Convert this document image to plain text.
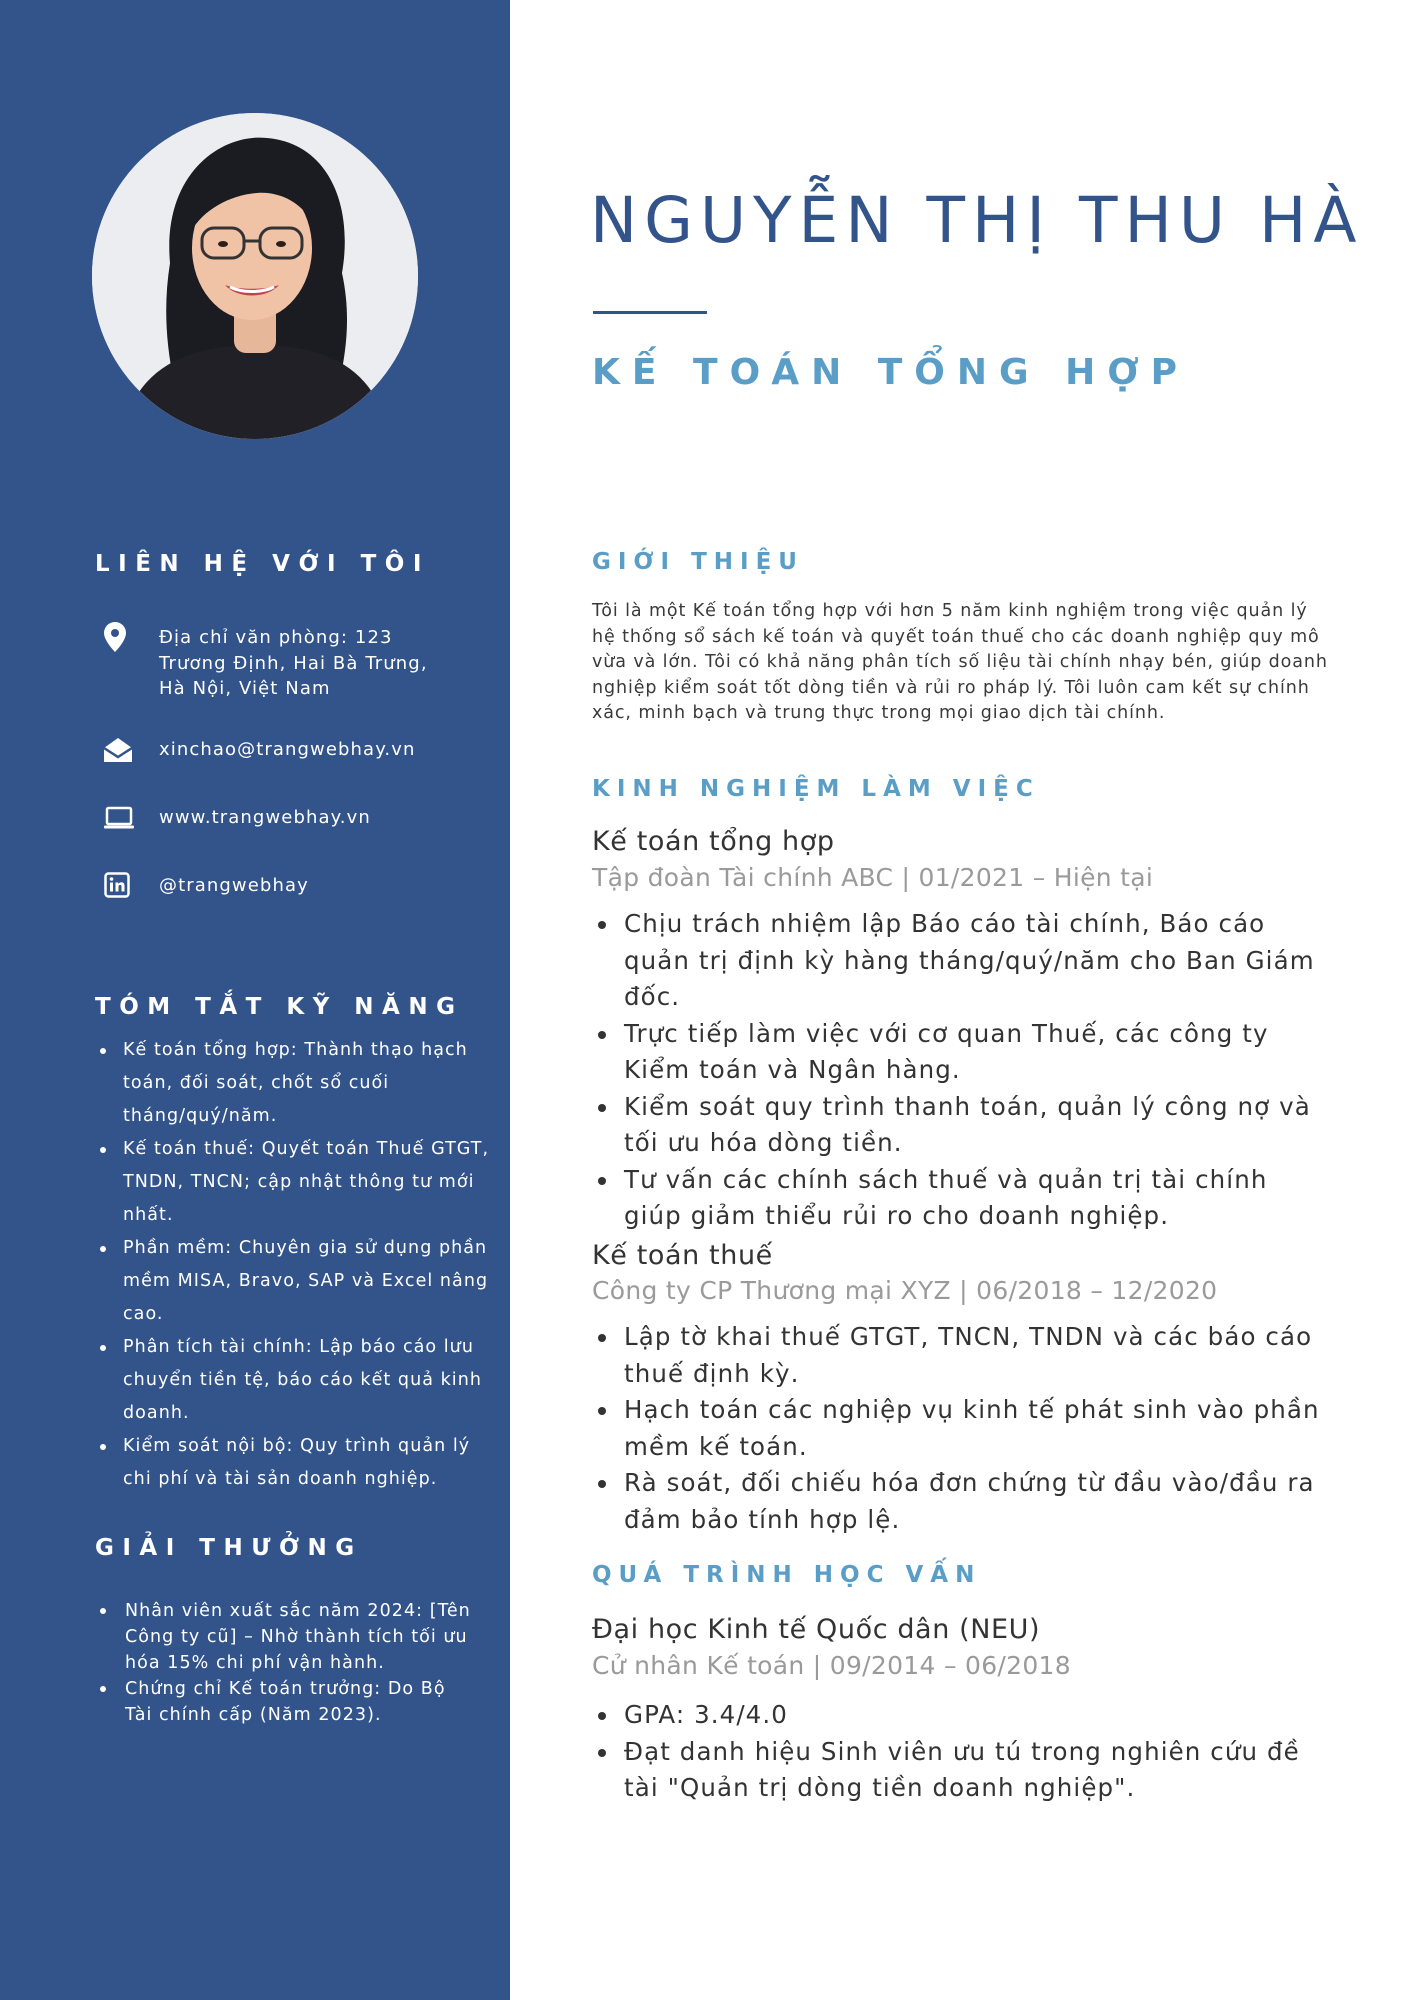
LIÊN HỆ VỚI TÔI
Địa chỉ văn phòng: 123
Trương Định, Hai Bà Trưng,
Hà Nội, Việt Nam
xinchao@trangwebhay.vn
www.trangwebhay.vn
@trangwebhay
TÓM TẮT KỸ NĂNG
Kế toán tổng hợp: Thành thạo hạch toán, đối soát, chốt sổ cuối tháng/quý/năm.
Kế toán thuế: Quyết toán Thuế GTGT, TNDN, TNCN; cập nhật thông tư mới nhất.
Phần mềm: Chuyên gia sử dụng phần mềm MISA, Bravo, SAP và Excel nâng cao.
Phân tích tài chính: Lập báo cáo lưu chuyển tiền tệ, báo cáo kết quả kinh doanh.
Kiểm soát nội bộ: Quy trình quản lý chi phí và tài sản doanh nghiệp.
GIẢI THƯỞNG
Nhân viên xuất sắc năm 2024: [Tên Công ty cũ] – Nhờ thành tích tối ưu hóa 15% chi phí vận hành.
Chứng chỉ Kế toán trưởng: Do Bộ Tài chính cấp (Năm 2023).
NGUYỄN THỊ THU HÀ
KẾ TOÁN TỔNG HỢP
GIỚI THIỆU

Tôi là một Kế toán tổng hợp với hơn 5 năm kinh nghiệm trong việc quản lý hệ thống sổ sách kế toán và quyết toán thuế cho các doanh nghiệp quy mô vừa và lớn. Tôi có khả năng phân tích số liệu tài chính nhạy bén, giúp doanh nghiệp kiểm soát tốt dòng tiền và rủi ro pháp lý. Tôi luôn cam kết sự chính xác, minh bạch và trung thực trong mọi giao dịch tài chính.

KINH NGHIỆM LÀM VIỆC
Kế toán tổng hợp
Tập đoàn Tài chính ABC | 01/2021 – Hiện tại
Chịu trách nhiệm lập Báo cáo tài chính, Báo cáo quản trị định kỳ hàng tháng/quý/năm cho Ban Giám đốc.
Trực tiếp làm việc với cơ quan Thuế, các công ty Kiểm toán và Ngân hàng.
Kiểm soát quy trình thanh toán, quản lý công nợ và tối ưu hóa dòng tiền.
Tư vấn các chính sách thuế và quản trị tài chính giúp giảm thiểu rủi ro cho doanh nghiệp.
Kế toán thuế
Công ty CP Thương mại XYZ | 06/2018 – 12/2020
Lập tờ khai thuế GTGT, TNCN, TNDN và các báo cáo thuế định kỳ.
Hạch toán các nghiệp vụ kinh tế phát sinh vào phần mềm kế toán.
Rà soát, đối chiếu hóa đơn chứng từ đầu vào/đầu ra đảm bảo tính hợp lệ.
QUÁ TRÌNH HỌC VẤN
Đại học Kinh tế Quốc dân (NEU)
Cử nhân Kế toán | 09/2014 – 06/2018
GPA: 3.4/4.0
Đạt danh hiệu Sinh viên ưu tú trong nghiên cứu đề tài "Quản trị dòng tiền doanh nghiệp".
